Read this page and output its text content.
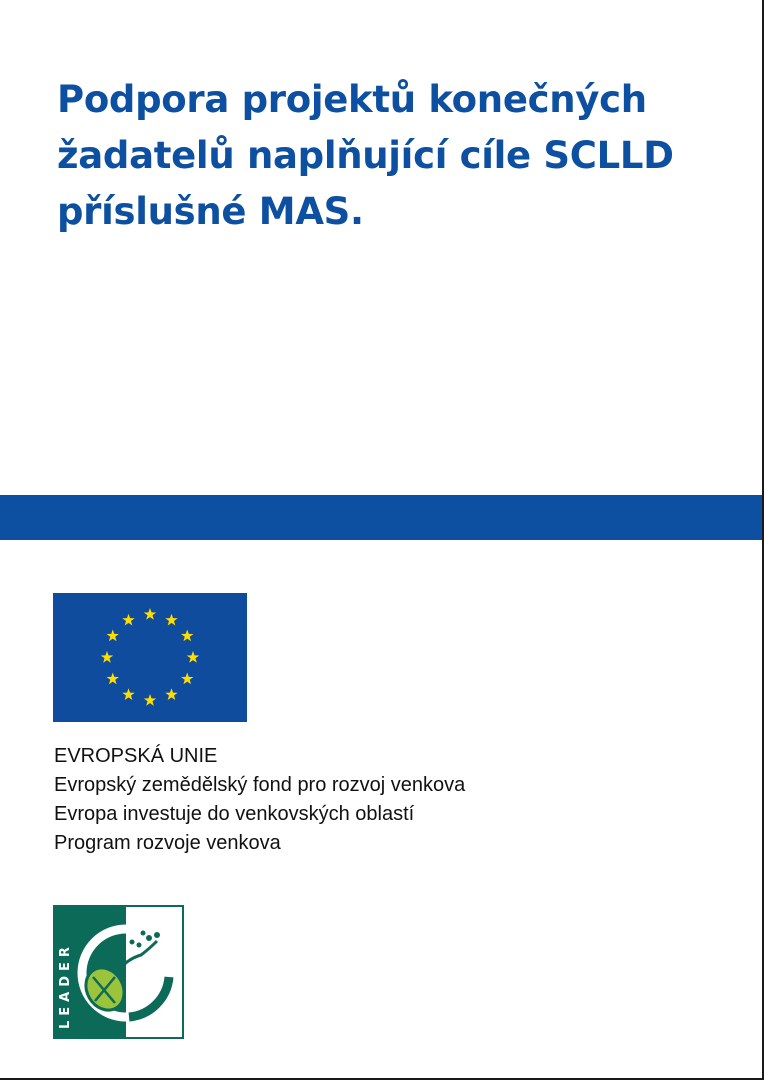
Podpora projektů konečných
žadatelů naplňující cíle SCLLD
příslušné MAS.
EVROPSKÁ UNIE
Evropský zemědělský fond pro rozvoj venkova
Evropa investuje do venkovských oblastí
Program rozvoje venkova
LEADER
